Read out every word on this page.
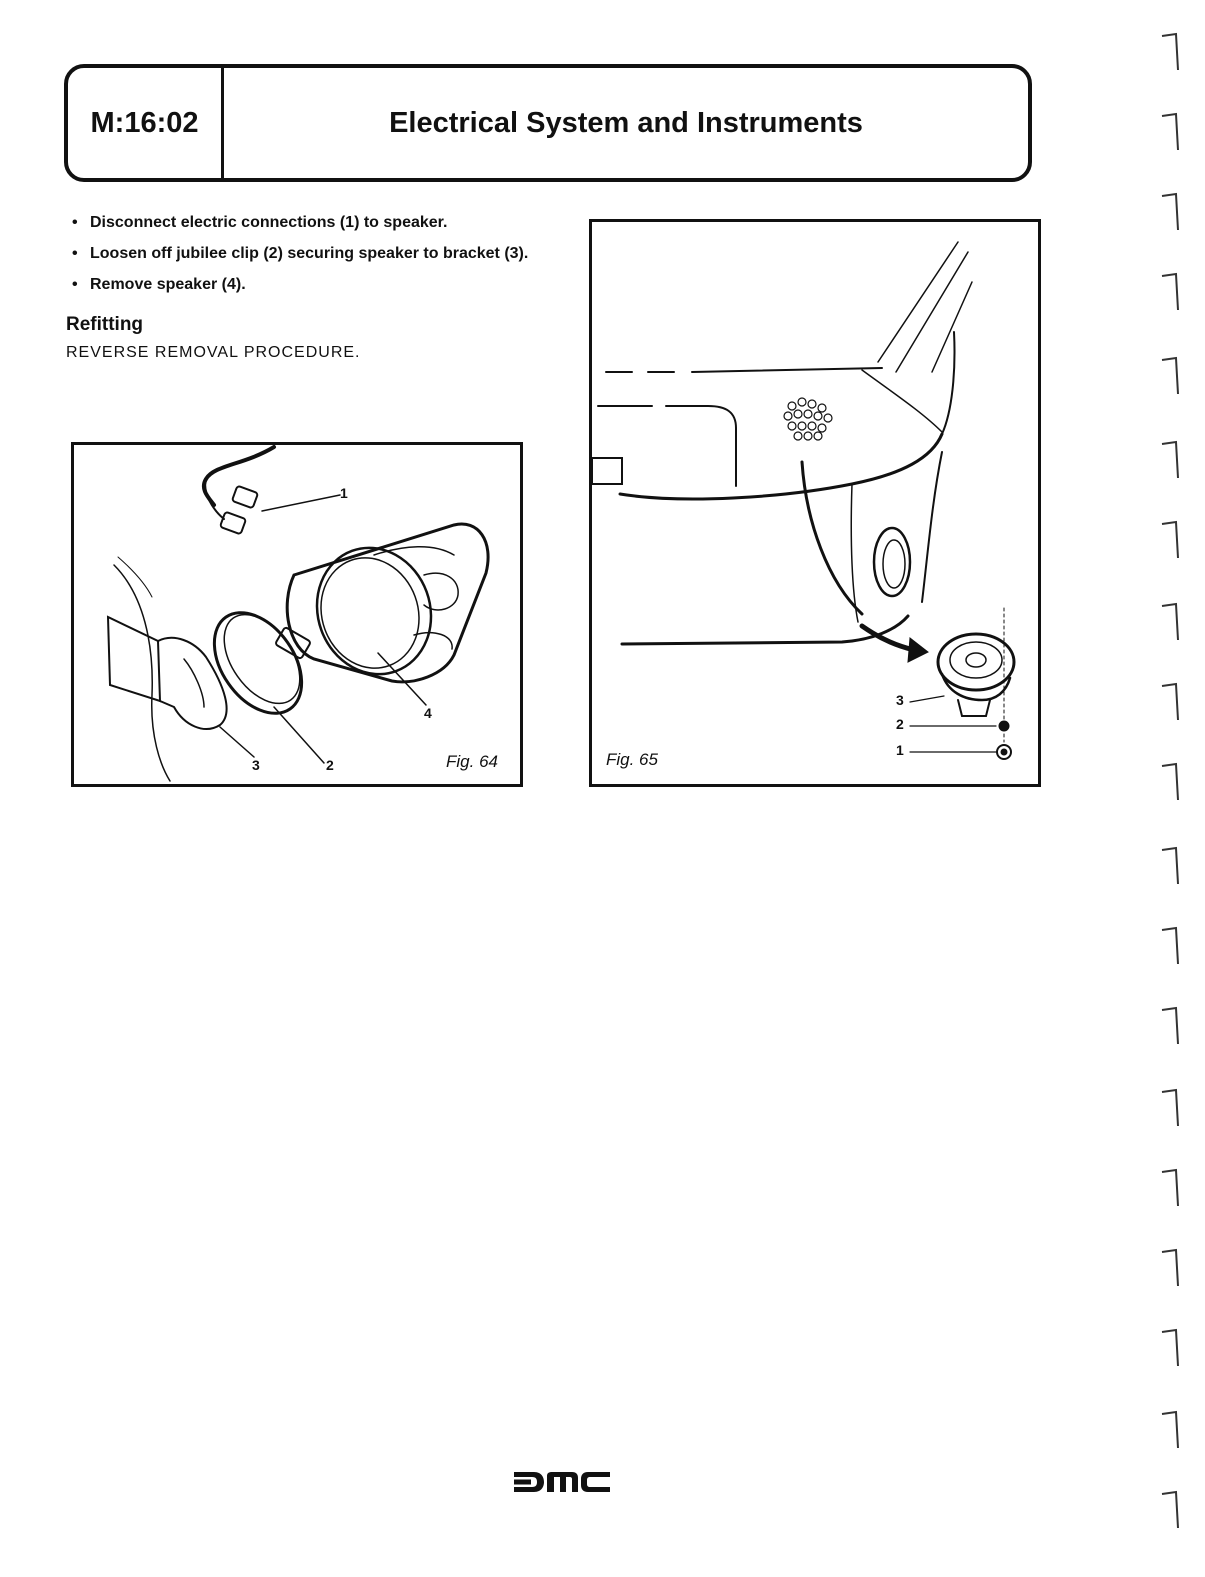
M:16:02	Electrical System and Instruments
• Disconnect electric connections (1) to speaker.
• Loosen off jubilee clip (2) securing speaker to bracket (3).
• Remove speaker (4).
Refitting
REVERSE REMOVAL PROCEDURE.
1
2
3
4
Fig. 64
3
2
1
Fig. 65
